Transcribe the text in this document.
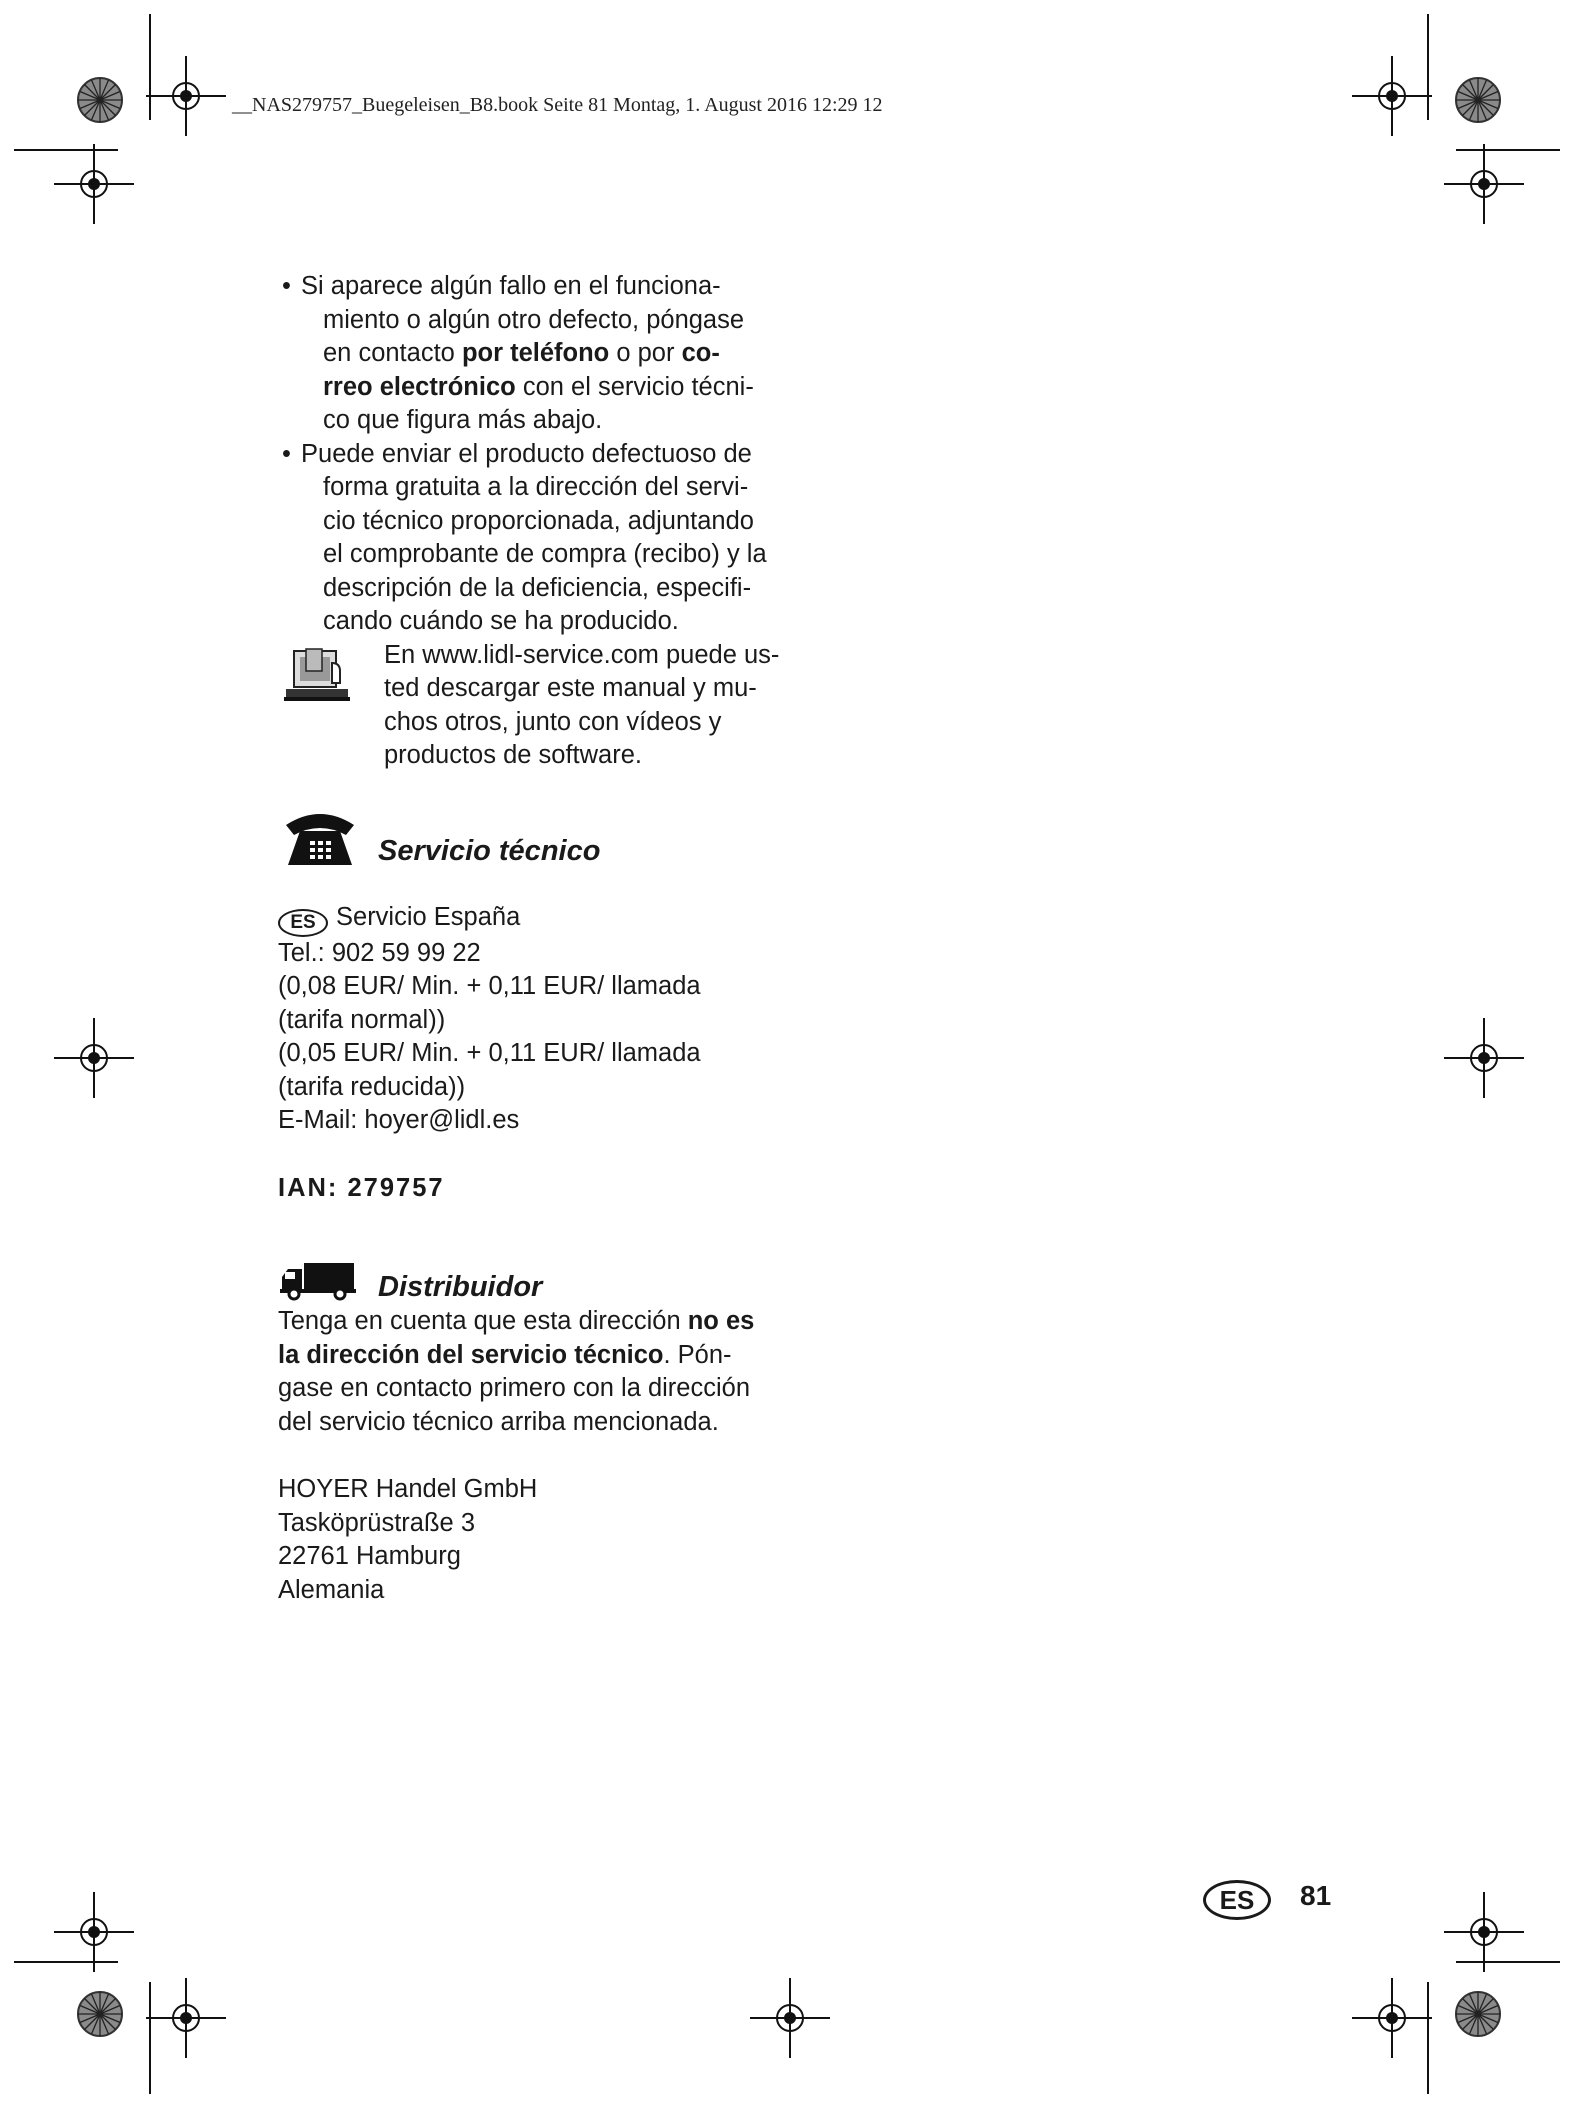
__NAS279757_Buegeleisen_B8.book Seite 81 Montag, 1. August 2016 12:29 12
• Si aparece algún fallo en el funciona-
miento o algún otro defecto, póngase
en contacto por teléfono o por co-
rreo electrónico con el servicio técni-
co que figura más abajo.
• Puede enviar el producto defectuoso de
forma gratuita a la dirección del servi-
cio técnico proporcionada, adjuntando
el comprobante de compra (recibo) y la
descripción de la deficiencia, especifi-
cando cuándo se ha producido.
En www.lidl-service.com puede us-
ted descargar este manual y mu-
chos otros, junto con vídeos y
productos de software.
Servicio técnico
ES Servicio España
Tel.: 902 59 99 22
(0,08 EUR/ Min. + 0,11 EUR/ llamada
(tarifa normal))
(0,05 EUR/ Min. + 0,11 EUR/ llamada
(tarifa reducida))
E-Mail: hoyer@lidl.es
IAN: 279757
Distribuidor
Tenga en cuenta que esta dirección no es
la dirección del servicio técnico. Pón-
gase en contacto primero con la dirección
del servicio técnico arriba mencionada.
HOYER Handel GmbH
Tasköprüstraße 3
22761 Hamburg
Alemania
ES	81
